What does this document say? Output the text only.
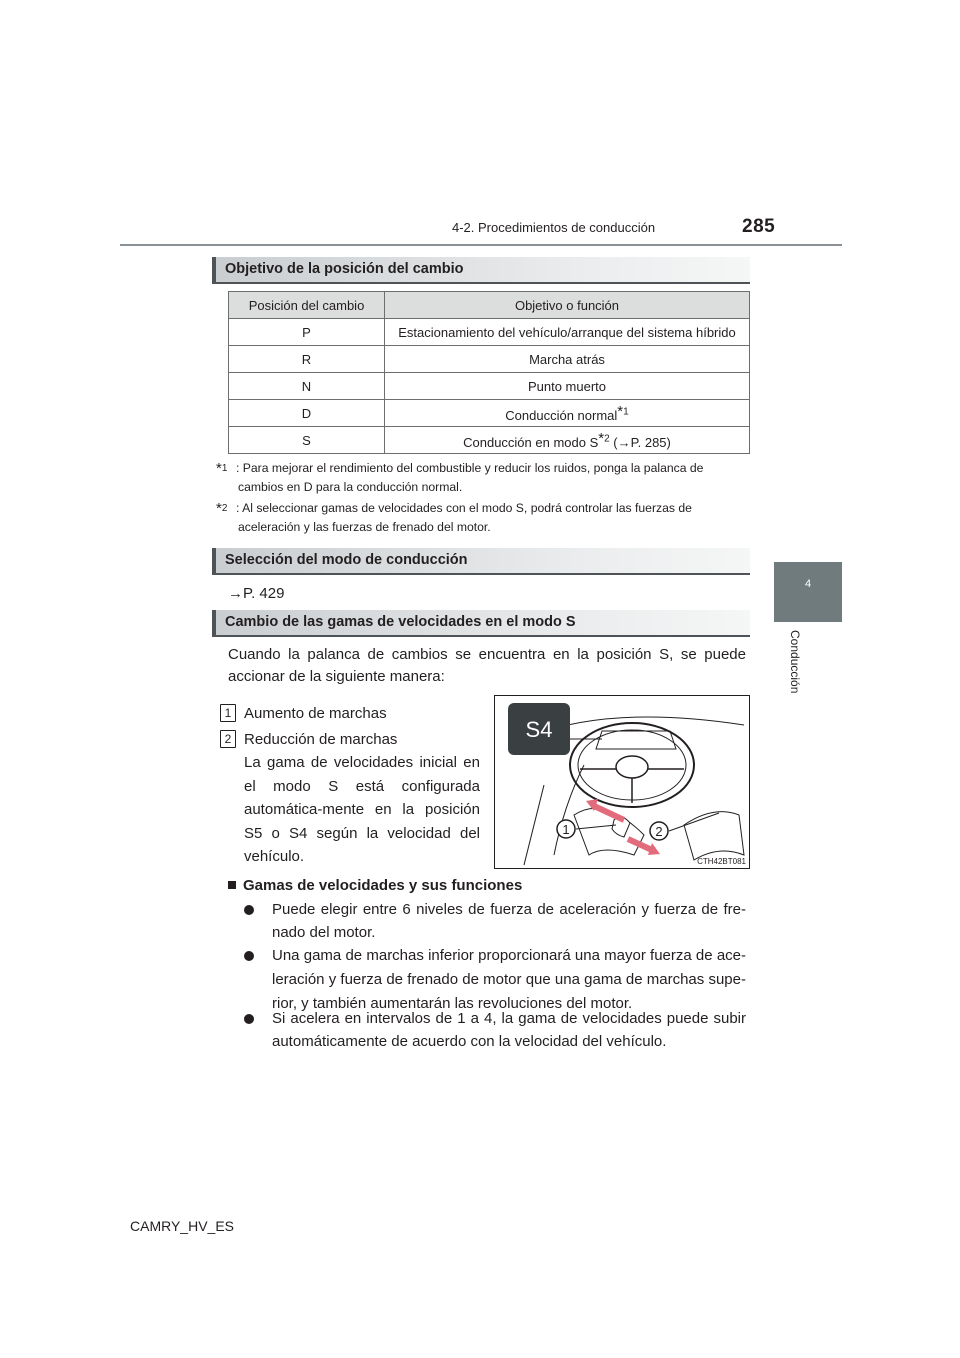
4-2. Procedimientos de conducción	285
4
Conducción
Objetivo de la posición del cambio
Posición del cambio	Objetivo o función
P	Estacionamiento del vehículo/arranque del sistema híbrido
R	Marcha atrás
N	Punto muerto
D	Conducción normal*$^1$
S	Conducción en modo S*$^2$ (→P. 285)
*$^1$ : Para mejorar el rendimiento del combustible y reducir los ruidos, ponga la palanca de cambios en D para la conducción normal.
*$^2$ : Al seleccionar gamas de velocidades con el modo S, podrá controlar las fuerzas de aceleración y las fuerzas de frenado del motor.
Selección del modo de conducción
→P. 429
Cambio de las gamas de velocidades en el modo S
Cuando la palanca de cambios se encuentra en la posición S, se puede accionar de la siguiente manera:
1 Aumento de marchas
2 Reducción de marchas
La gama de velocidades inicial en el modo S está configurada automática-mente en la posición S5 o S4 según la velocidad del vehículo.
S4
1	2
CTH42BT081
Gamas de velocidades y sus funciones
Puede elegir entre 6 niveles de fuerza de aceleración y fuerza de fre-nado del motor.
Una gama de marchas inferior proporcionará una mayor fuerza de ace-leración y fuerza de frenado de motor que una gama de marchas supe-rior, y también aumentarán las revoluciones del motor.
Si acelera en intervalos de 1 a 4, la gama de velocidades puede subir automáticamente de acuerdo con la velocidad del vehículo.
CAMRY_HV_ES
